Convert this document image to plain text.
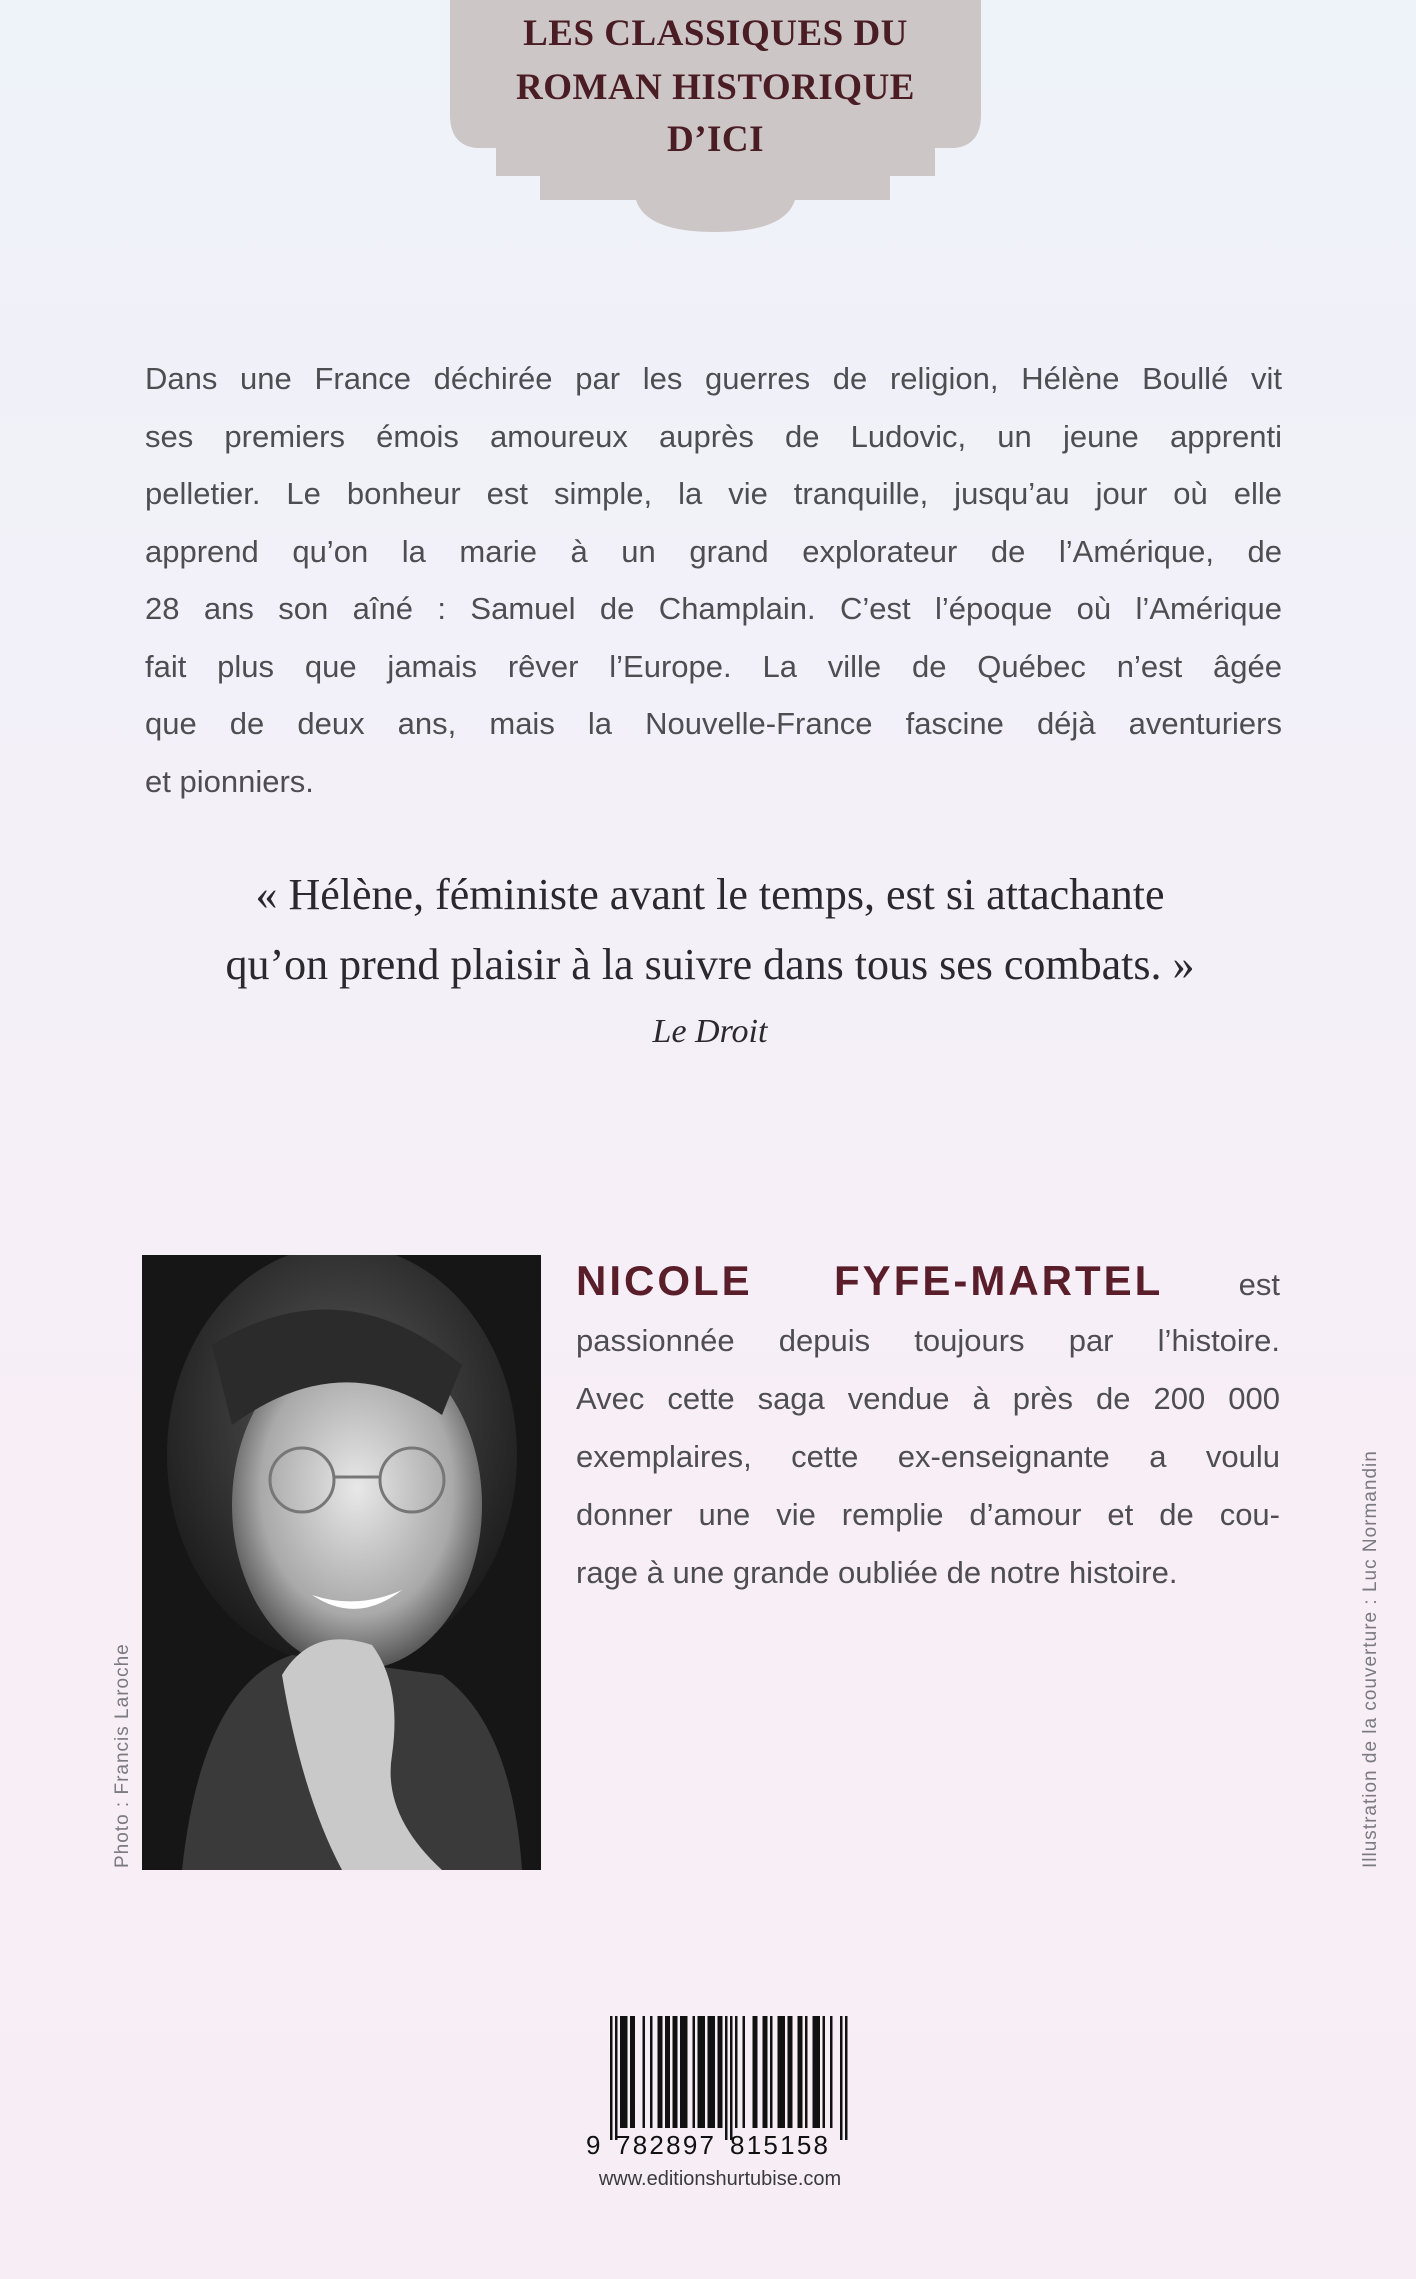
LES CLASSIQUES DU
ROMAN HISTORIQUE
D’ICI
Dans une France déchirée par les guerres de religion, Hélène Boullé vit
ses premiers émois amoureux auprès de Ludovic, un jeune apprenti
pelletier. Le bonheur est simple, la vie tranquille, jusqu’au jour où elle
apprend qu’on la marie à un grand explorateur de l’Amérique, de
28 ans son aîné : Samuel de Champlain. C’est l’époque où l’Amérique
fait plus que jamais rêver l’Europe. La ville de Québec n’est âgée
que de deux ans, mais la Nouvelle-France fascine déjà aventuriers
et pionniers.
« Hélène, féministe avant le temps, est si attachante
qu’on prend plaisir à la suivre dans tous ses combats. »
Le Droit
NICOLE FYFE-MARTEL est
passionnée depuis toujours par l’histoire.
Avec cette saga vendue à près de 200 000
exemplaires, cette ex-enseignante a voulu
donner une vie remplie d’amour et de cou-
rage à une grande oubliée de notre histoire.
Photo : Francis Laroche	Illustration de la couverture : Luc Normandin
9 782897 815158
www.editionshurtubise.com
